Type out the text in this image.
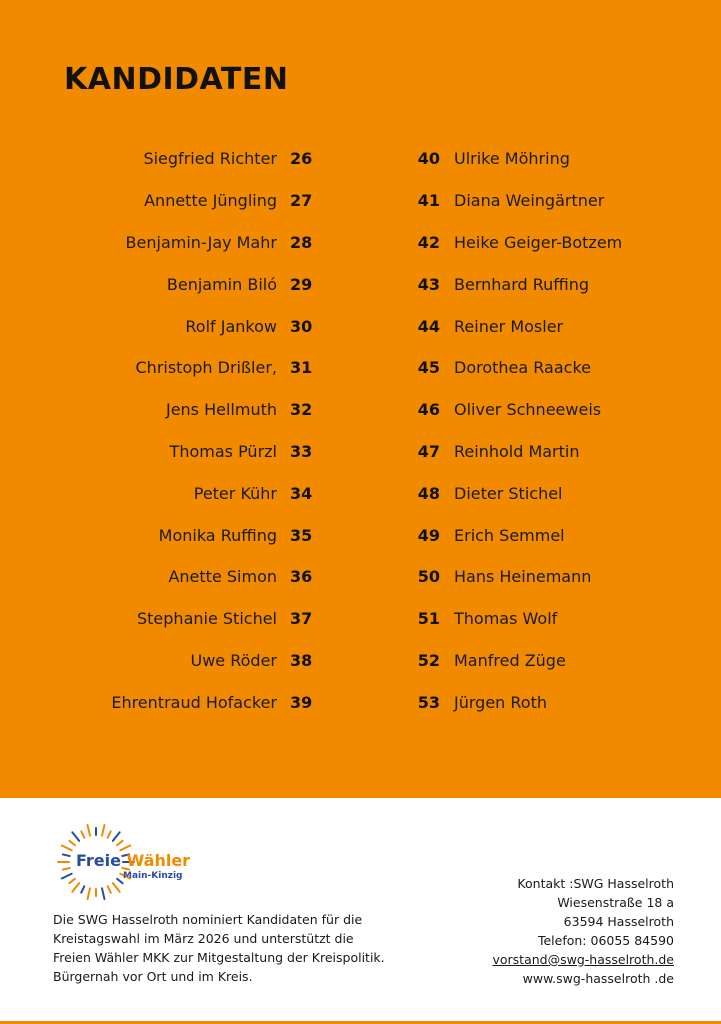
KANDIDATEN
Siegfried Richter 26
Annette Jüngling 27
Benjamin-Jay Mahr 28
Benjamin Biló 29
Rolf Jankow 30
Christoph Drißler, 31
Jens Hellmuth 32
Thomas Pürzl 33
Peter Kühr 34
Monika Ruffing 35
Anette Simon 36
Stephanie Stichel 37
Uwe Röder 38
Ehrentraud Hofacker 39
40 Ulrike Möhring
41 Diana Weingärtner
42 Heike Geiger-Botzem
43 Bernhard Ruffing
44 Reiner Mosler
45 Dorothea Raacke
46 Oliver Schneeweis
47 Reinhold Martin
48 Dieter Stichel
49 Erich Semmel
50 Hans Heinemann
51 Thomas Wolf
52 Manfred Züge
53 Jürgen Roth
Freie Wähler
Main-Kinzig

Die SWG Hasselroth nominiert Kandidaten für die
Kreistagswahl im März 2026 und unterstützt die
Freien Wähler MKK zur Mitgestaltung der Kreispolitik.
Bürgernah vor Ort und im Kreis.

Kontakt :SWG Hasselroth
Wiesenstraße 18 a
63594 Hasselroth
Telefon: 06055 84590
vorstand@swg-hasselroth.de
www.swg-hasselroth .de
